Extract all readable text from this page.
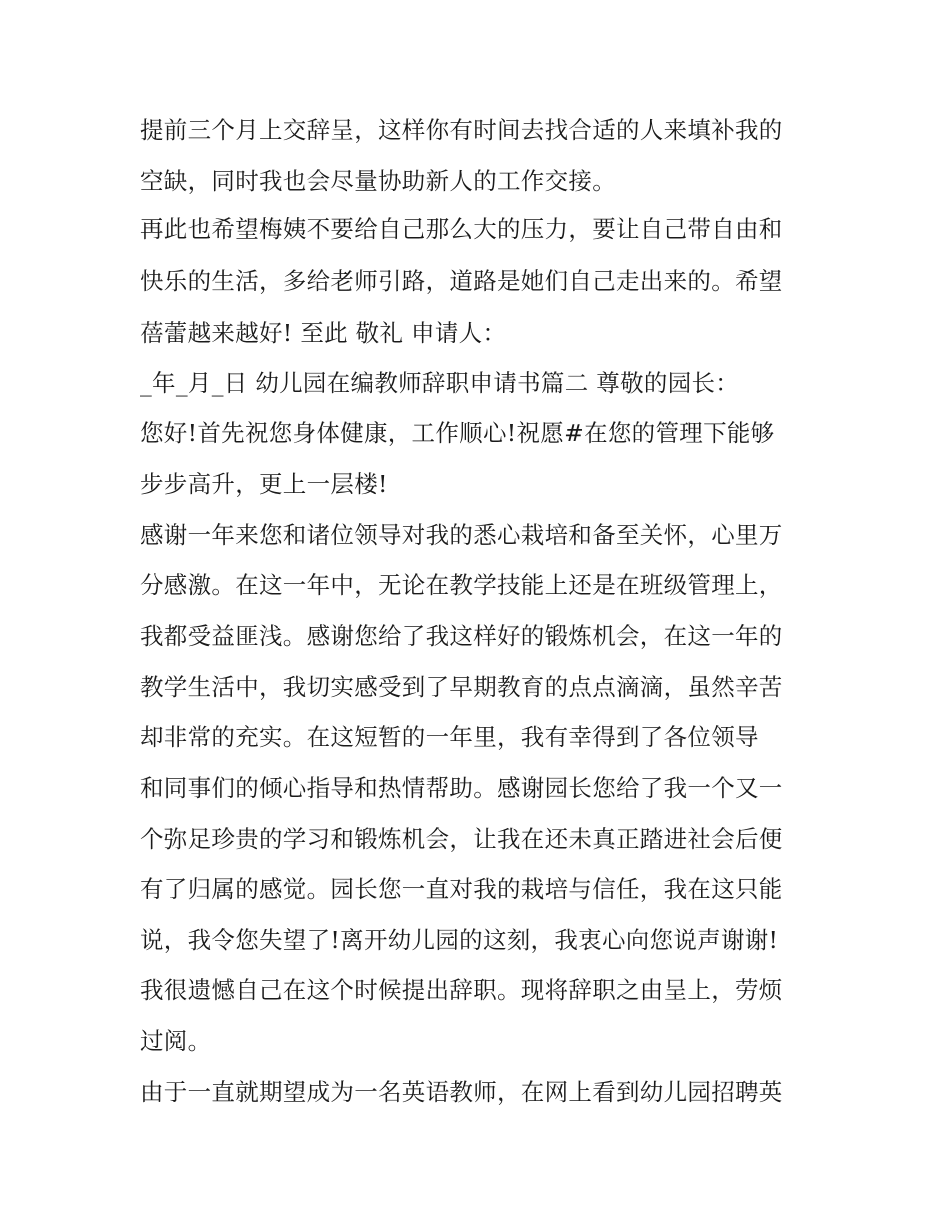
提前三个月上交辞呈，这样你有时间去找合适的人来填补我的
空缺，同时我也会尽量协助新人的工作交接。
再此也希望梅姨不要给自己那么大的压力，要让自己带自由和
快乐的生活，多给老师引路，道路是她们自己走出来的。希望
蓓蕾越来越好! 至此 敬礼 申请人：
_年_月_日 幼儿园在编教师辞职申请书篇二 尊敬的园长：
您好!首先祝您身体健康，工作顺心!祝愿#在您的管理下能够
步步高升，更上一层楼!
感谢一年来您和诸位领导对我的悉心栽培和备至关怀，心里万
分感激。在这一年中，无论在教学技能上还是在班级管理上，
我都受益匪浅。感谢您给了我这样好的锻炼机会，在这一年的
教学生活中，我切实感受到了早期教育的点点滴滴，虽然辛苦
却非常的充实。在这短暂的一年里，我有幸得到了各位领导
和同事们的倾心指导和热情帮助。感谢园长您给了我一个又一
个弥足珍贵的学习和锻炼机会，让我在还未真正踏进社会后便
有了归属的感觉。园长您一直对我的栽培与信任，我在这只能
说，我令您失望了!离开幼儿园的这刻，我衷心向您说声谢谢!
我很遗憾自己在这个时候提出辞职。现将辞职之由呈上，劳烦
过阅。
由于一直就期望成为一名英语教师，在网上看到幼儿园招聘英
